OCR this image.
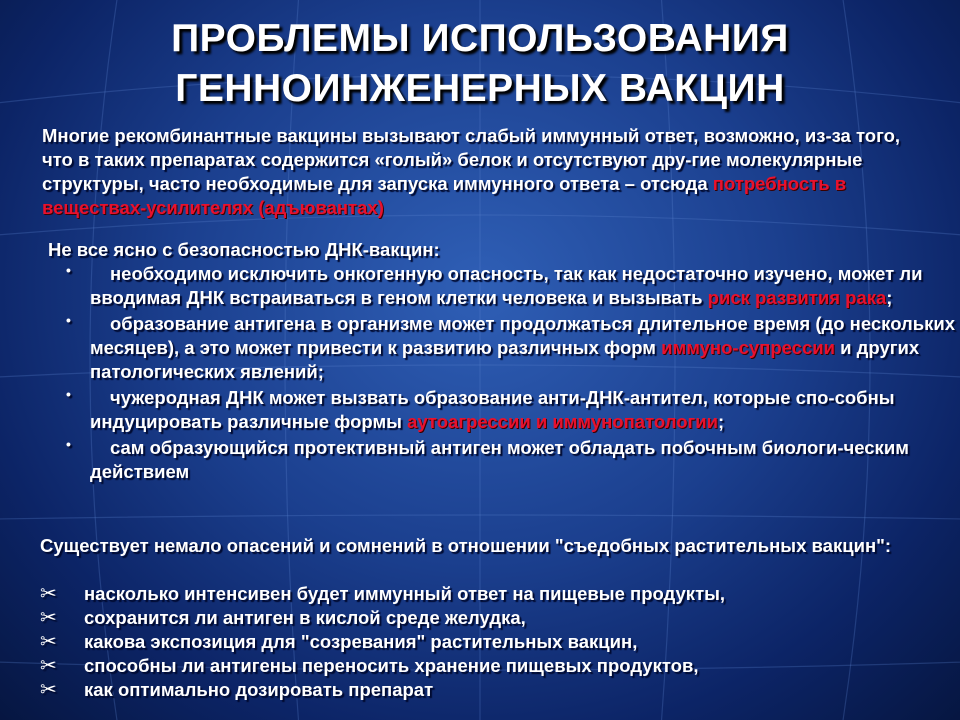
ПРОБЛЕМЫ ИСПОЛЬЗОВАНИЯ
ГЕННОИНЖЕНЕРНЫХ ВАКЦИН
Многие рекомбинантные вакцины вызывают слабый иммунный ответ, возможно, из-за того, что в таких препаратах содержится «голый» белок и отсутствуют дру-гие молекулярные структуры, часто необходимые для запуска иммунного ответа – отсюда потребность в веществах-усилителях (адъювантах)
Не все ясно с безопасностью ДНК-вакцин:
• необходимо исключить онкогенную опасность, так как недостаточно изучено, может ли вводимая ДНК встраиваться в геном клетки человека и вызывать риск развития рака;
• образование антигена в организме может продолжаться длительное время (до нескольких месяцев), а это может привести к развитию различных форм иммуно-супрессии и других патологических явлений;
• чужеродная ДНК может вызвать образование анти-ДНК-антител, которые спо-собны индуцировать различные формы аутоагрессии и иммунопатологии;
• сам образующийся протективный антиген может обладать побочным биологи-ческим действием
Существует немало опасений и сомнений в отношении "съедобных растительных вакцин":
✂ насколько интенсивен будет иммунный ответ на пищевые продукты,
✂ сохранится ли антиген в кислой среде желудка,
✂ какова экспозиция для "созревания" растительных вакцин,
✂ способны ли антигены переносить хранение пищевых продуктов,
✂ как оптимально дозировать препарат
